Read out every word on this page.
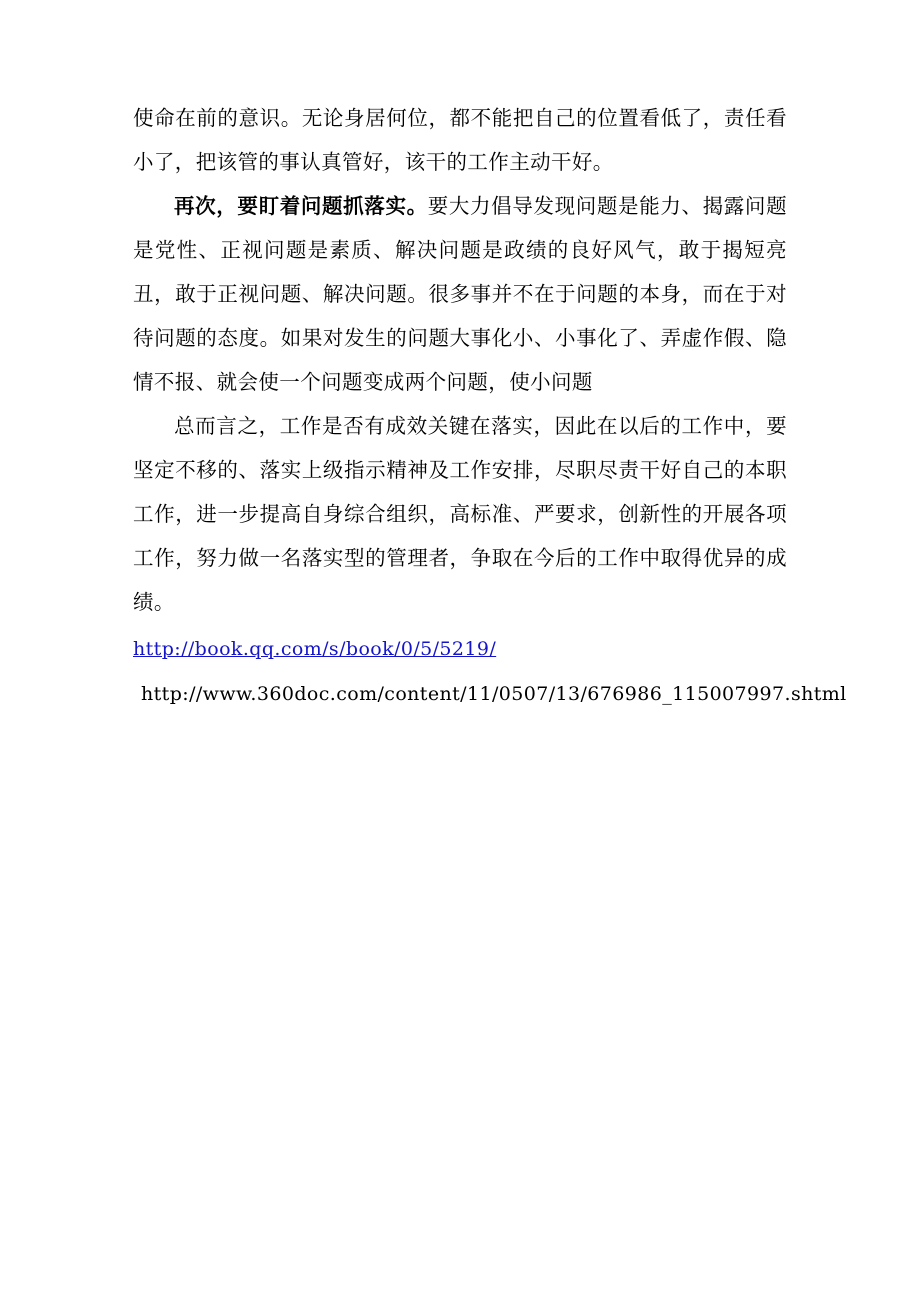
使命在前的意识。无论身居何位，都不能把自己的位置看低了，责任看小了，把该管的事认真管好，该干的工作主动干好。

再次，要盯着问题抓落实。要大力倡导发现问题是能力、揭露问题是党性、正视问题是素质、解决问题是政绩的良好风气，敢于揭短亮丑，敢于正视问题、解决问题。很多事并不在于问题的本身，而在于对待问题的态度。如果对发生的问题大事化小、小事化了、弄虚作假、隐情不报、就会使一个问题变成两个问题，使小问题

总而言之，工作是否有成效关键在落实，因此在以后的工作中，要坚定不移的、落实上级指示精神及工作安排，尽职尽责干好自己的本职工作，进一步提高自身综合组织，高标准、严要求，创新性的开展各项工作，努力做一名落实型的管理者，争取在今后的工作中取得优异的成绩。

http://book.qq.com/s/book/0/5/5219/

http://www.360doc.com/content/11/0507/13/676986_115007997.shtml
